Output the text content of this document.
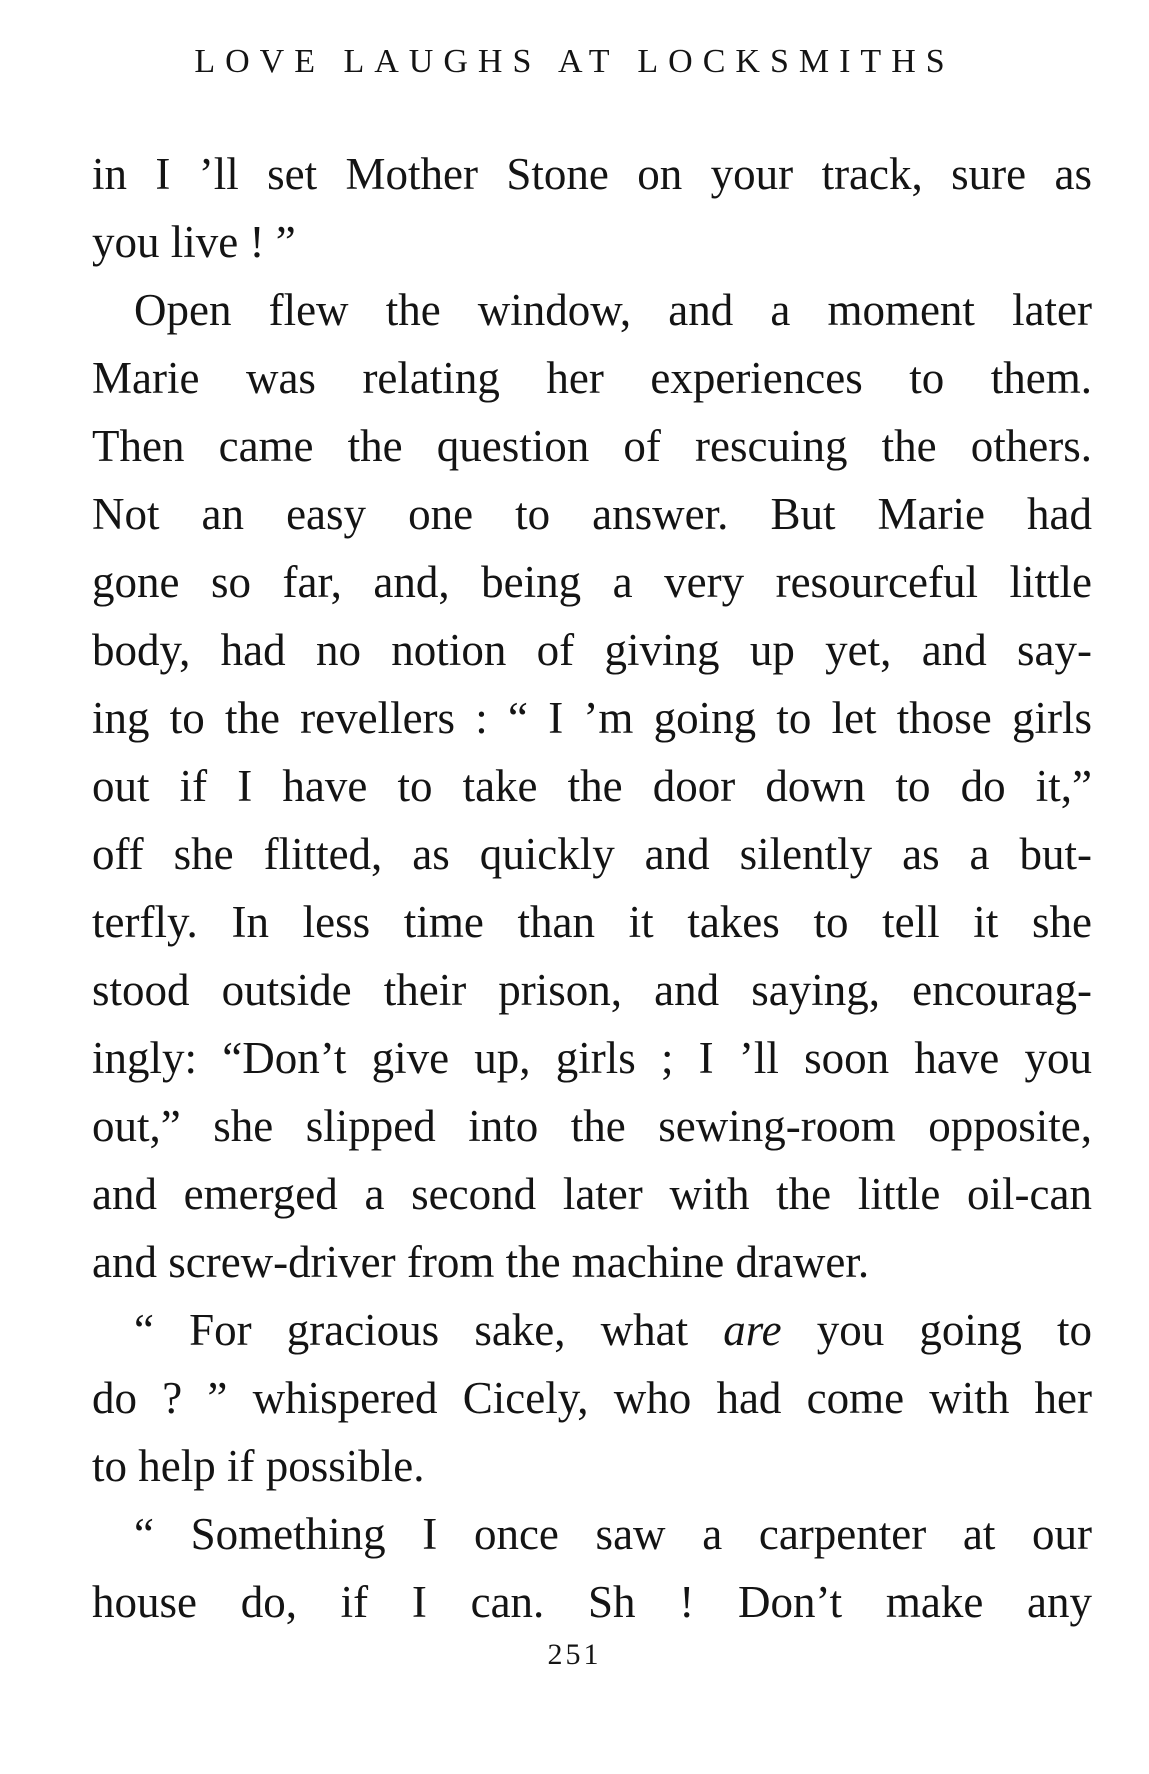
LOVE LAUGHS AT LOCKSMITHS
in I ’ll set Mother Stone on your track, sure as
you live ! ”
Open flew the window, and a moment later
Marie was relating her experiences to them.
Then came the question of rescuing the others.
Not an easy one to answer. But Marie had
gone so far, and, being a very resourceful little
body, had no notion of giving up yet, and say-
ing to the revellers : “ I ’m going to let those girls
out if I have to take the door down to do it,”
off she flitted, as quickly and silently as a but-
terfly. In less time than it takes to tell it she
stood outside their prison, and saying, encourag-
ingly: “Don’t give up, girls ; I ’ll soon have you
out,” she slipped into the sewing-room opposite,
and emerged a second later with the little oil-can
and screw-driver from the machine drawer.
“ For gracious sake, what are you going to
do ? ” whispered Cicely, who had come with her
to help if possible.
“ Something I once saw a carpenter at our
house do, if I can. Sh ! Don’t make any
251
